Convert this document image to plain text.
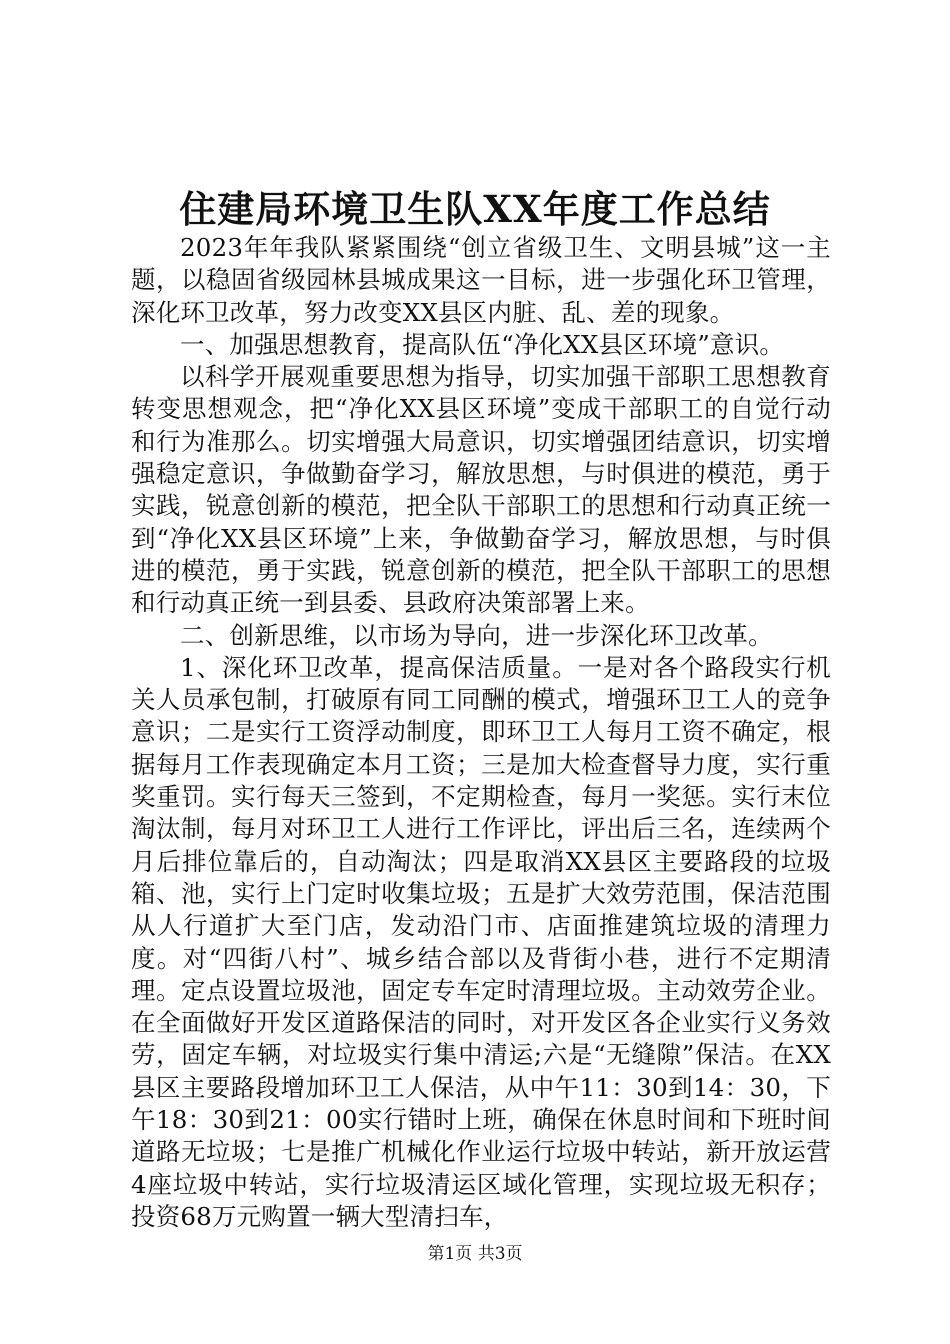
住建局环境卫生队XX年度工作总结

2023年年我队紧紧围绕“创立省级卫生、文明县城”这一主题，以稳固省级园林县城成果这一目标，进一步强化环卫管理，深化环卫改革，努力改变XX县区内脏、乱、差的现象。

一、加强思想教育，提高队伍“净化XX县区环境”意识。

以科学开展观重要思想为指导，切实加强干部职工思想教育转变思想观念，把“净化XX县区环境”变成干部职工的自觉行动和行为准那么。切实增强大局意识，切实增强团结意识，切实增强稳定意识，争做勤奋学习，解放思想，与时俱进的模范，勇于实践，锐意创新的模范，把全队干部职工的思想和行动真正统一到“净化XX县区环境”上来，争做勤奋学习，解放思想，与时俱进的模范，勇于实践，锐意创新的模范，把全队干部职工的思想和行动真正统一到县委、县政府决策部署上来。

二、创新思维，以市场为导向，进一步深化环卫改革。

1、深化环卫改革，提高保洁质量。一是对各个路段实行机关人员承包制，打破原有同工同酬的模式，增强环卫工人的竞争意识；二是实行工资浮动制度，即环卫工人每月工资不确定，根据每月工作表现确定本月工资；三是加大检查督导力度，实行重奖重罚。实行每天三签到，不定期检查，每月一奖惩。实行末位淘汰制，每月对环卫工人进行工作评比，评出后三名，连续两个月后排位靠后的，自动淘汰；四是取消XX县区主要路段的垃圾箱、池，实行上门定时收集垃圾；五是扩大效劳范围，保洁范围从人行道扩大至门店，发动沿门市、店面推建筑垃圾的清理力度。对“四街八村”、城乡结合部以及背街小巷，进行不定期清理。定点设置垃圾池，固定专车定时清理垃圾。主动效劳企业。在全面做好开发区道路保洁的同时，对开发区各企业实行义务效劳，固定车辆，对垃圾实行集中清运;六是“无缝隙”保洁。在XX县区主要路段增加环卫工人保洁，从中午11：30到14：30，下午18：30到21：00实行错时上班，确保在休息时间和下班时间道路无垃圾；七是推广机械化作业运行垃圾中转站，新开放运营4座垃圾中转站，实行垃圾清运区域化管理，实现垃圾无积存；投资68万元购置一辆大型清扫车，

第1页 共3页
